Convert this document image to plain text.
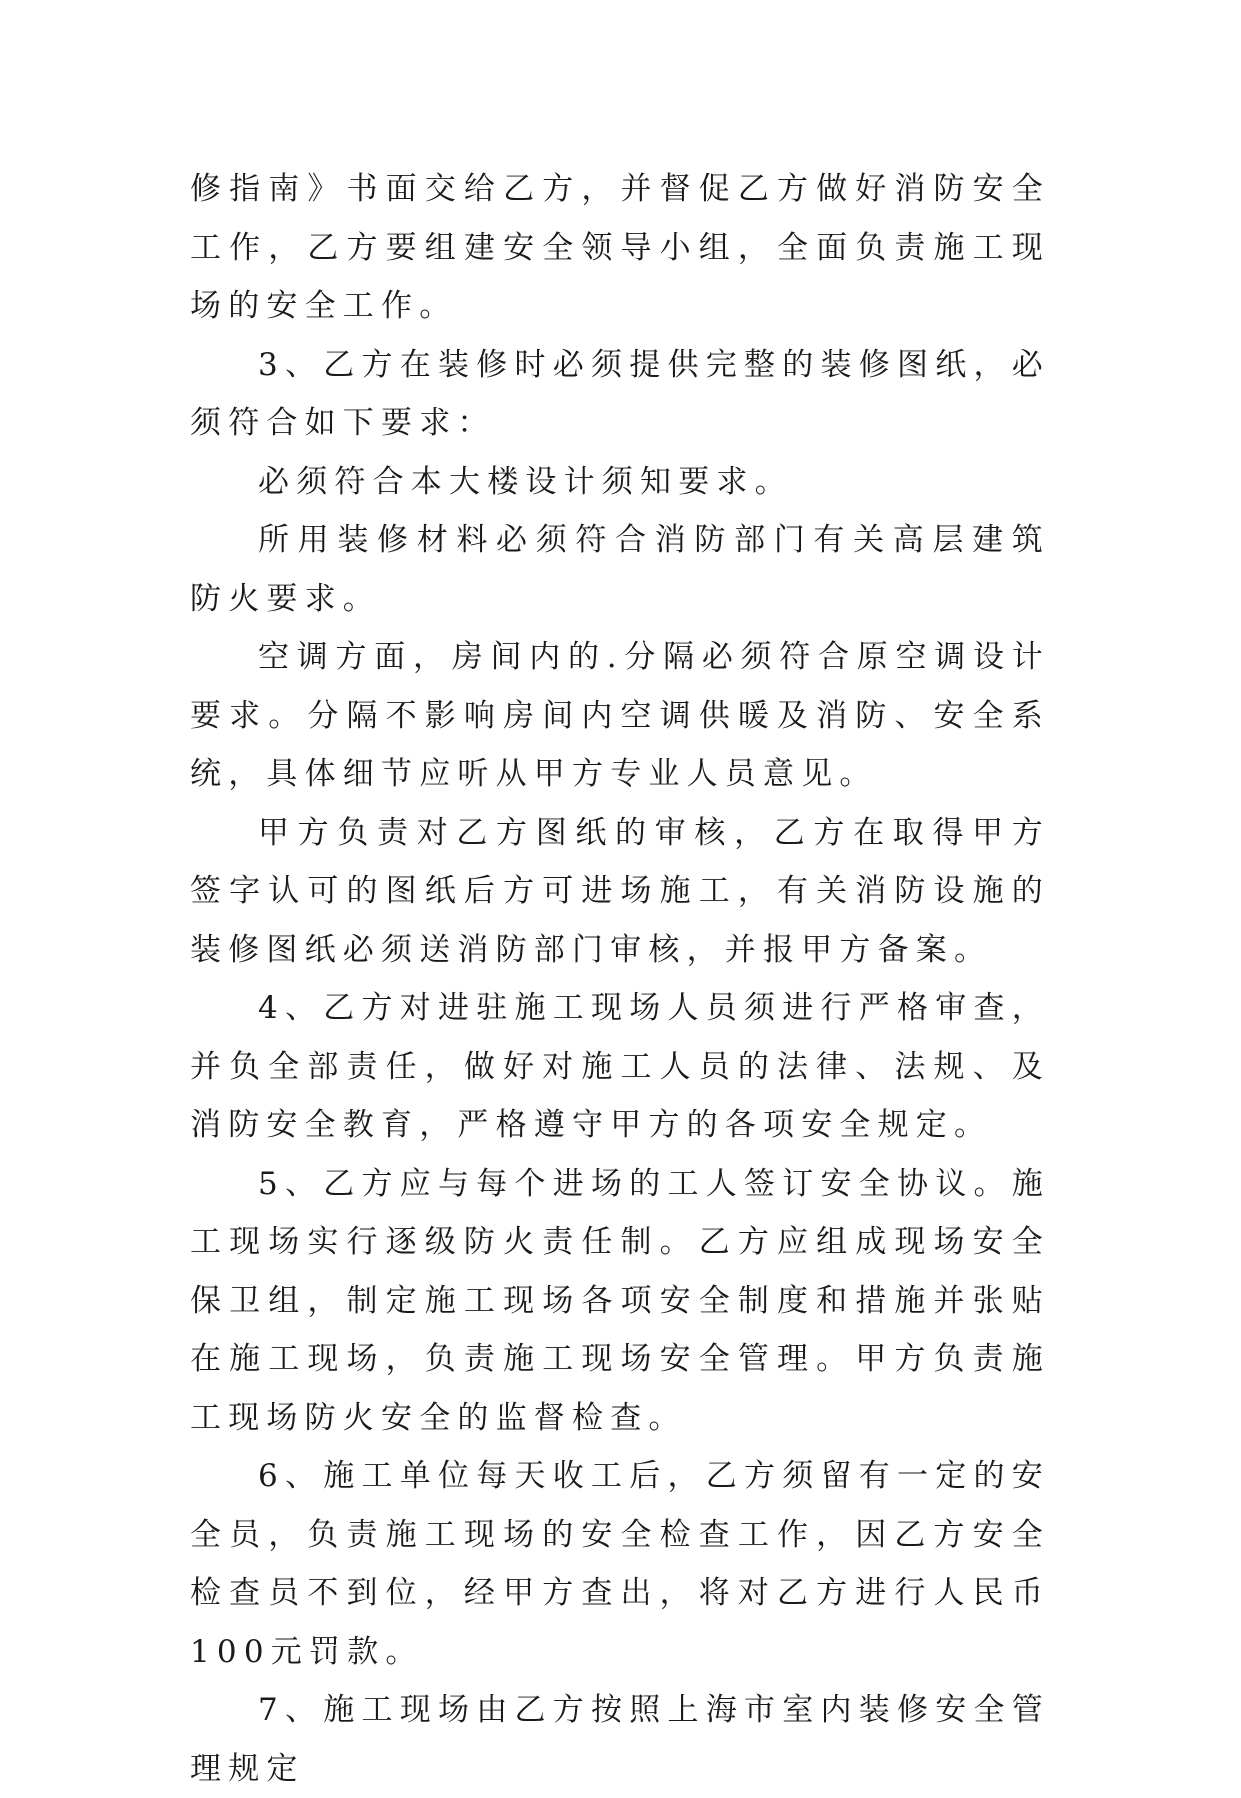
修指南》书面交给乙方，并督促乙方做好消防安全工作，乙方要组建安全领导小组，全面负责施工现场的安全工作。

3、乙方在装修时必须提供完整的装修图纸，必须符合如下要求：

必须符合本大楼设计须知要求。

所用装修材料必须符合消防部门有关高层建筑防火要求。

空调方面，房间内的.分隔必须符合原空调设计要求。分隔不影响房间内空调供暖及消防、安全系统，具体细节应听从甲方专业人员意见。

甲方负责对乙方图纸的审核，乙方在取得甲方签字认可的图纸后方可进场施工，有关消防设施的装修图纸必须送消防部门审核，并报甲方备案。

4、乙方对进驻施工现场人员须进行严格审查，并负全部责任，做好对施工人员的法律、法规、及消防安全教育，严格遵守甲方的各项安全规定。

5、乙方应与每个进场的工人签订安全协议。施工现场实行逐级防火责任制。乙方应组成现场安全保卫组，制定施工现场各项安全制度和措施并张贴在施工现场，负责施工现场安全管理。甲方负责施工现场防火安全的监督检查。

6、施工单位每天收工后，乙方须留有一定的安全员，负责施工现场的安全检查工作，因乙方安全检查员不到位，经甲方查出，将对乙方进行人民币100元罚款。

7、施工现场由乙方按照上海市室内装修安全管理规定
